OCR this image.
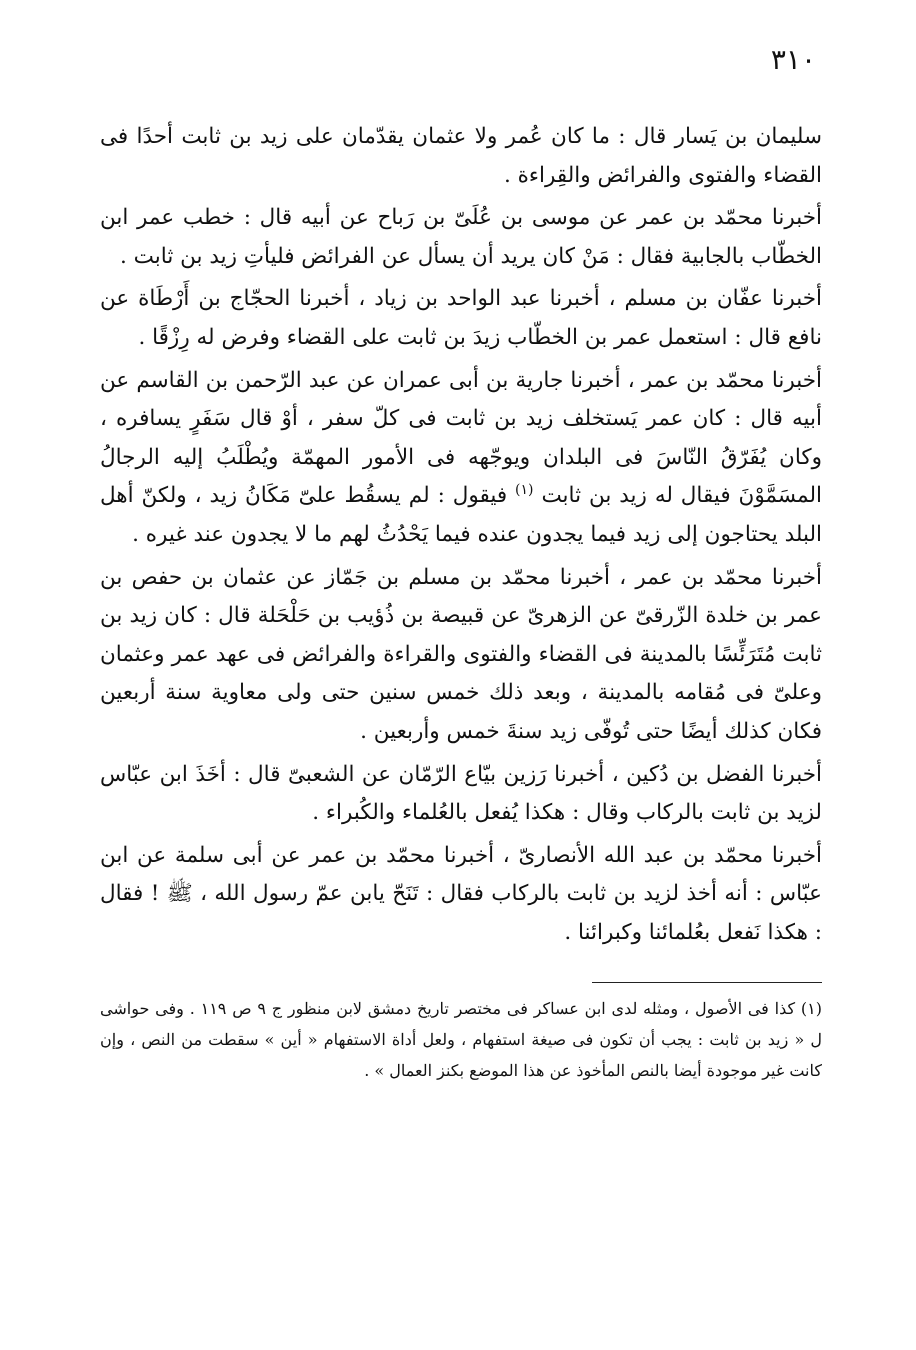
٣١٠

سليمان بن يَسار قال : ما كان عُمر ولا عثمان يقدّمان على زيد بن ثابت أحدًا فى القضاء والفتوى والفرائض والقِراءة .

أخبرنا محمّد بن عمر عن موسى بن عُلَىّ بن رَباح عن أبيه قال : خطب عمر ابن الخطّاب بالجابية فقال : مَنْ كان يريد أن يسأل عن الفرائض فليأتِ زيد بن ثابت .

أخبرنا عفّان بن مسلم ، أخبرنا عبد الواحد بن زياد ، أخبرنا الحجّاج بن أَرْطَاة عن نافع قال : استعمل عمر بن الخطّاب زيدَ بن ثابت على القضاء وفرض له رِزْقًا .

أخبرنا محمّد بن عمر ، أخبرنا جارية بن أبى عمران عن عبد الرّحمن بن القاسم عن أبيه قال : كان عمر يَستخلف زيد بن ثابت فى كلّ سفر ، أوْ قال سَفَرٍ يسافره ، وكان يُفَرّقُ النّاسَ فى البلدان ويوجّهه فى الأمور المهمّة ويُطْلَبُ إليه الرجالُ المسَمَّوْنَ فيقال له زيد بن ثابت $^{(١)}$ فيقول : لم يسقُط علىّ مَكَانُ زيد ، ولكنّ أهل البلد يحتاجون إلى زيد فيما يجدون عنده فيما يَحْدُثُ لهم ما لا يجدون عند غيره .

أخبرنا محمّد بن عمر ، أخبرنا محمّد بن مسلم بن جَمّاز عن عثمان بن حفص بن عمر بن خلدة الزّرقىّ عن الزهرىّ عن قبيصة بن ذُؤيب بن حَلْحَلة قال : كان زيد بن ثابت مُتَرَئِّسًا بالمدينة فى القضاء والفتوى والقراءة والفرائض فى عهد عمر وعثمان وعلىّ فى مُقامه بالمدينة ، وبعد ذلك خمس سنين حتى ولى معاوية سنة أربعين فكان كذلك أيضًا حتى تُوفّى زيد سنةَ خمس وأربعين .

أخبرنا الفضل بن دُكين ، أخبرنا رَزين بيّاع الرّمّان عن الشعبىّ قال : أخَذَ ابن عبّاس لزيد بن ثابت بالركاب وقال : هكذا يُفعل بالعُلماء والكُبراء .

أخبرنا محمّد بن عبد الله الأنصارىّ ، أخبرنا محمّد بن عمر عن أبى سلمة عن ابن عبّاس : أنه أخذ لزيد بن ثابت بالركاب فقال : تَنَحّ يابن عمّ رسول الله ، ﷺ ! فقال : هكذا نَفعل بعُلمائنا وكبرائنا .

(١) كذا فى الأصول ، ومثله لدى ابن عساكر فى مختصر تاريخ دمشق لابن منظور ج ٩ ص ١١٩ . وفى حواشى ل « زيد بن ثابت : يجب أن تكون فى صيغة استفهام ، ولعل أداة الاستفهام « أين » سقطت من النص ، وإن كانت غير موجودة أيضا بالنص المأخوذ عن هذا الموضع بكنز العمال » .
